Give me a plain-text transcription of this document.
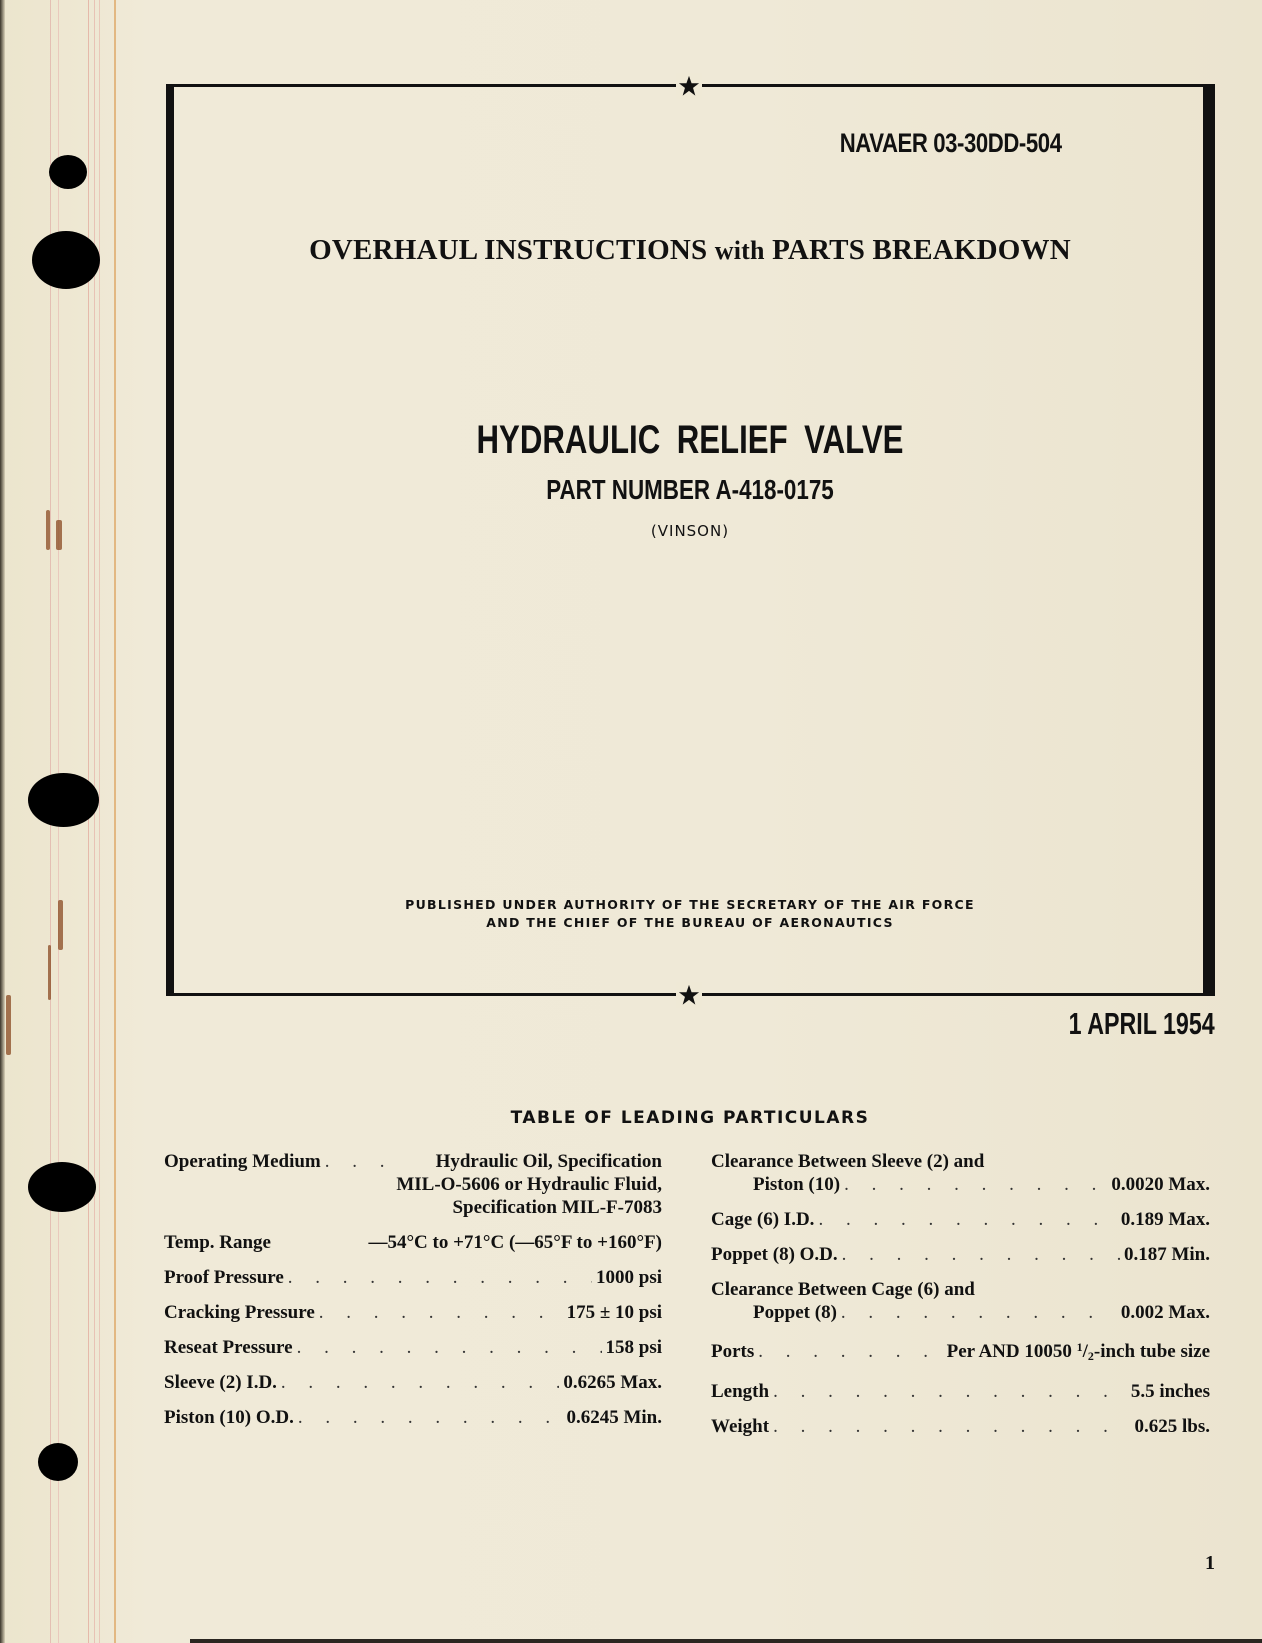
NAVAER 03-30DD-504
OVERHAUL INSTRUCTIONS with PARTS BREAKDOWN
HYDRAULIC RELIEF VALVE
PART NUMBER A-418-0175
(VINSON)
PUBLISHED UNDER AUTHORITY OF THE SECRETARY OF THE AIR FORCE
AND THE CHIEF OF THE BUREAU OF AERONAUTICS
1 APRIL 1954
TABLE OF LEADING PARTICULARS
Operating Medium . . .	Hydraulic Oil, Specification
MIL-O-5606 or Hydraulic Fluid,
Specification MIL-F-7083
Temp. Range	—54°C to +71°C (—65°F to +160°F)
Proof Pressure . . .	1000 psi
Cracking Pressure . . .	175 ± 10 psi
Reseat Pressure . . .	158 psi
Sleeve (2) I.D. . . .	0.6265 Max.
Piston (10) O.D. . . .	0.6245 Min.
Clearance Between Sleeve (2) and
Piston (10) . . .	0.0020 Max.
Cage (6) I.D. . . .	0.189 Max.
Poppet (8) O.D. . . .	0.187 Min.
Clearance Between Cage (6) and
Poppet (8) . . .	0.002 Max.
Ports . . .	Per AND 10050 $^1/_2$-inch tube size
Length . . .	5.5 inches
Weight . . .	0.625 lbs.
1
